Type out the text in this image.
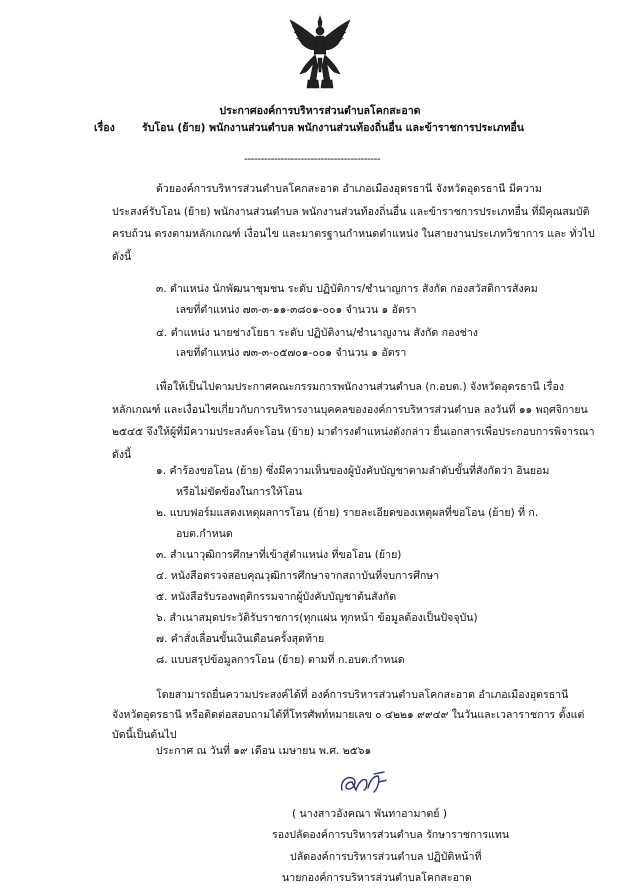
ประกาศองค์การบริหารส่วนตำบลโคกสะอาด
เรื่อง	รับโอน (ย้าย) พนักงานส่วนตำบล พนักงานส่วนท้องถิ่นอื่น และข้าราชการประเภทอื่น
-----------------------------------------
ด้วยองค์การบริหารส่วนตำบลโคกสะอาด อำเภอเมืองอุดรธานี จังหวัดอุดรธานี มีความ
ประสงค์รับโอน (ย้าย) พนักงานส่วนตำบล พนักงานส่วนท้องถิ่นอื่น และข้าราชการประเภทอื่น ที่มีคุณสมบัติ
ครบถ้วน ตรงตามหลักเกณฑ์ เงื่อนไข และมาตรฐานกำหนดตำแหน่ง ในสายงานประเภทวิชาการ และ ทั่วไป
ดังนี้
๓. ตำแหน่ง นักพัฒนาชุมชน ระดับ ปฏิบัติการ/ชำนาญการ สังกัด กองสวัสดิการสังคม
เลขที่ตำแหน่ง ๗๓-๓-๑๑-๓๘๐๑-๐๐๑ จำนวน ๑ อัตรา
๔. ตำแหน่ง นายช่างโยธา ระดับ ปฏิบัติงาน/ชำนาญงาน สังกัด กองช่าง
เลขที่ตำแหน่ง ๗๓-๓-๐๕๗๐๑-๐๐๑ จำนวน ๑ อัตรา
เพื่อให้เป็นไปตามประกาศคณะกรรมการพนักงานส่วนตำบล (ก.อบต.) จังหวัดอุดรธานี เรื่อง
หลักเกณฑ์ และเงื่อนไขเกี่ยวกับการบริหารงานบุคคลขององค์การบริหารส่วนตำบล ลงวันที่ ๑๑ พฤศจิกายน
๒๕๔๕ จึงให้ผู้ที่มีความประสงค์จะโอน (ย้าย) มาดำรงตำแหน่งดังกล่าว ยื่นเอกสารเพื่อประกอบการพิจารณา
ดังนี้
๑. คำร้องขอโอน (ย้าย) ซึ่งมีความเห็นของผู้บังคับบัญชาตามลำดับขั้นที่สังกัดว่า อินยอม
หรือไม่ขัดข้องในการให้โอน
๒. แบบฟอร์มแสดงเหตุผลการโอน (ย้าย) รายละเอียดของเหตุผลที่ขอโอน (ย้าย) ที่ ก.
อบต.กำหนด
๓. สำเนาวุฒิการศึกษาที่เข้าสู่ตำแหน่ง ที่ขอโอน (ย้าย)
๔. หนังสือตรวจสอบคุณวุฒิการศึกษาจากสถาบันที่จบการศึกษา
๕. หนังสือรับรองพฤติกรรมจากผู้บังคับบัญชาต้นสังกัด
๖. สำเนาสมุดประวัติรับราชการ(ทุกแผ่น ทุกหน้า ข้อมูลต้องเป็นปัจจุบัน)
๗. คำสั่งเลื่อนขั้นเงินเดือนครั้งสุดท้าย
๘. แบบสรุปข้อมูลการโอน (ย้าย) ตามที่ ก.อบต.กำหนด
โดยสามารถยื่นความประสงค์ได้ที่ องค์การบริหารส่วนตำบลโคกสะอาด อำเภอเมืองอุดรธานี
จังหวัดอุดรธานี หรือติดต่อสอบถามได้ที่โทรศัพท์หมายเลข ๐ ๔๒๒๑ ๙๙๔๙ ในวันและเวลาราชการ ตั้งแต่
บัดนี้เป็นต้นไป
ประกาศ ณ วันที่ ๑๙ เดือน เมษายน พ.ศ. ๒๕๖๑
( นางสาวอังคณา พันทาอามาตย์ )
รองปลัดองค์การบริหารส่วนตำบล รักษาราชการแทน
ปลัดองค์การบริหารส่วนตำบล ปฏิบัติหน้าที่
นายกองค์การบริหารส่วนตำบลโคกสะอาด
